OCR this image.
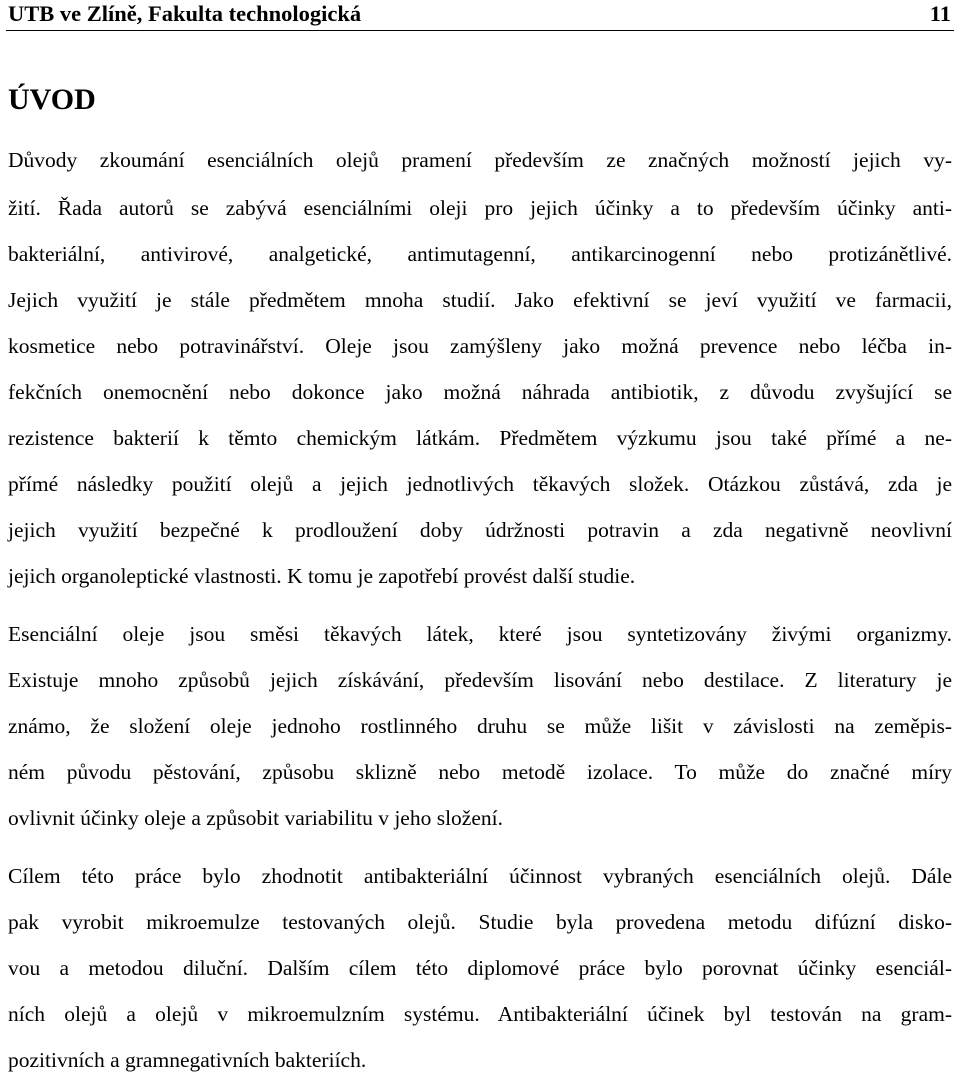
UTB ve Zlíně, Fakulta technologická	11
ÚVOD
Důvody zkoumání esenciálních olejů pramení především ze značných možností jejich vy-
žití. Řada autorů se zabývá esenciálními oleji pro jejich účinky a to především účinky anti-
bakteriální, antivirové, analgetické, antimutagenní, antikarcinogenní nebo protizánětlivé.
Jejich využití je stále předmětem mnoha studií. Jako efektivní se jeví využití ve farmacii,
kosmetice nebo potravinářství. Oleje jsou zamýšleny jako možná prevence nebo léčba in-
fekčních onemocnění nebo dokonce jako možná náhrada antibiotik, z důvodu zvyšující se
rezistence bakterií k těmto chemickým látkám. Předmětem výzkumu jsou také přímé a ne-
přímé následky použití olejů a jejich jednotlivých těkavých složek. Otázkou zůstává, zda je
jejich využití bezpečné k prodloužení doby údržnosti potravin a zda negativně neovlivní
jejich organoleptické vlastnosti. K tomu je zapotřebí provést další studie.
Esenciální oleje jsou směsi těkavých látek, které jsou syntetizovány živými organizmy.
Existuje mnoho způsobů jejich získávání, především lisování nebo destilace. Z literatury je
známo, že složení oleje jednoho rostlinného druhu se může lišit v závislosti na zeměpis-
ném původu pěstování, způsobu sklizně nebo metodě izolace. To může do značné míry
ovlivnit účinky oleje a způsobit variabilitu v jeho složení.
Cílem této práce bylo zhodnotit antibakteriální účinnost vybraných esenciálních olejů. Dále
pak vyrobit mikroemulze testovaných olejů. Studie byla provedena metodu difúzní disko-
vou a metodou diluční. Dalším cílem této diplomové práce bylo porovnat účinky esenciál-
ních olejů a olejů v mikroemulzním systému. Antibakteriální účinek byl testován na gram-
pozitivních a gramnegativních bakteriích.
